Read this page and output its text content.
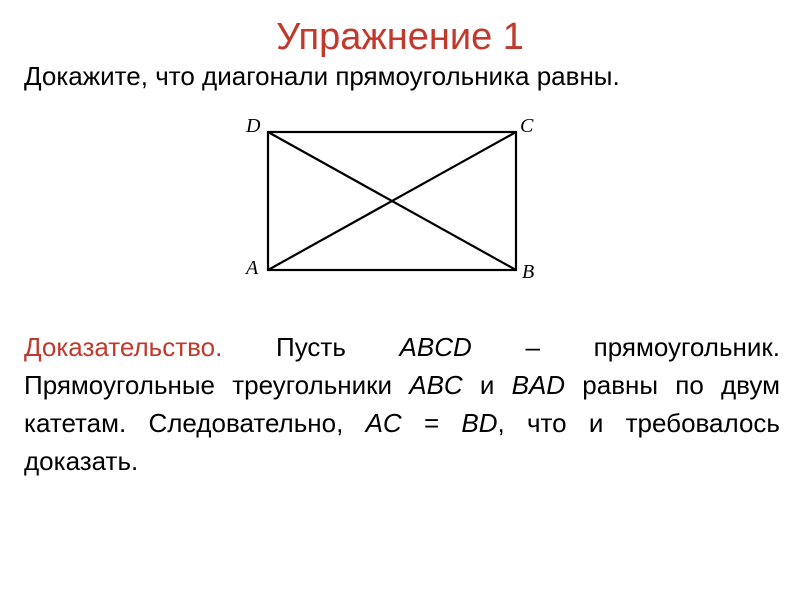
Упражнение 1
Докажите, что диагонали прямоугольника равны.
D	C
A	B
Доказательство. Пусть ABCD – прямоугольник. Прямоугольные треугольники ABC и BAD равны по двум катетам. Следовательно, AC = BD, что и требовалось доказать.
